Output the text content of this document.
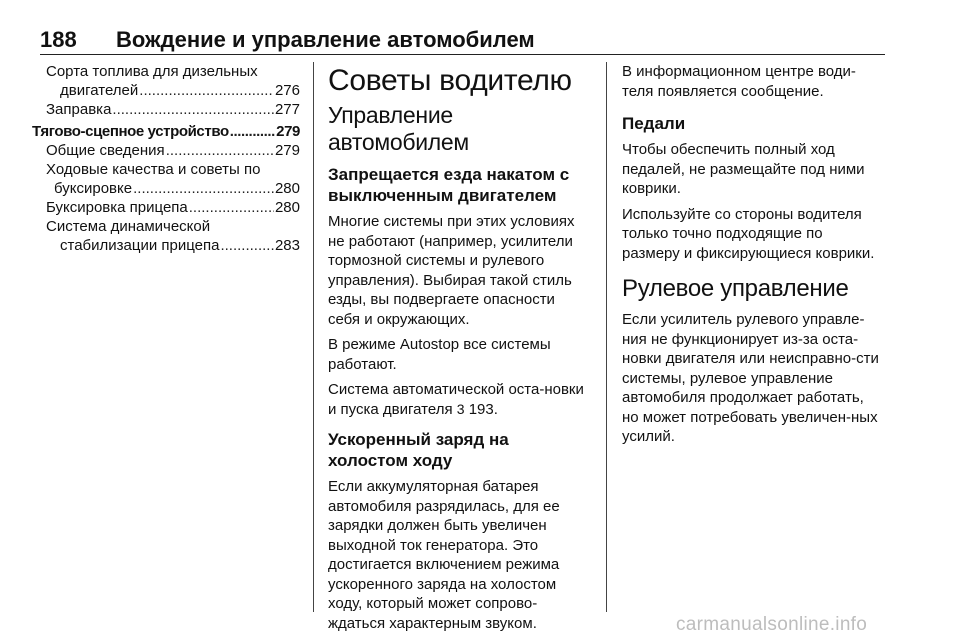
188 Вождение и управление автомобилем
Сорта топлива для дизельных
двигателей .....	276
Заправка .....	277
Тягово-сцепное устройство .....	279
Общие сведения .....	279
Ходовые качества и советы по
буксировке .....	280
Буксировка прицепа .....	280
Система динамической
стабилизации прицепа .....	283
Советы водителю
Управление автомобилем
Запрещается езда накатом с выключенным двигателем

Многие системы при этих условиях не работают (например, усилители тормозной системы и рулевого управления). Выбирая такой стиль езды, вы подвергаете опасности себя и окружающих.

В режиме Autostop все системы работают.

Система автоматической оста-новки и пуска двигателя 3 193.

Ускоренный заряд на холостом ходу

Если аккумуляторная батарея автомобиля разрядилась, для ее зарядки должен быть увеличен выходной ток генератора. Это достигается включением режима ускоренного заряда на холостом ходу, который может сопрово-ждаться характерным звуком.

В информационном центре води-теля появляется сообщение.

Педали

Чтобы обеспечить полный ход педалей, не размещайте под ними коврики.

Используйте со стороны водителя только точно подходящие по размеру и фиксирующиеся коврики.

Рулевое управление

Если усилитель рулевого управле-ния не функционирует из-за оста-новки двигателя или неисправно-сти системы, рулевое управление автомобиля продолжает работать, но может потребовать увеличен-ных усилий.

carmanualsonline.info
